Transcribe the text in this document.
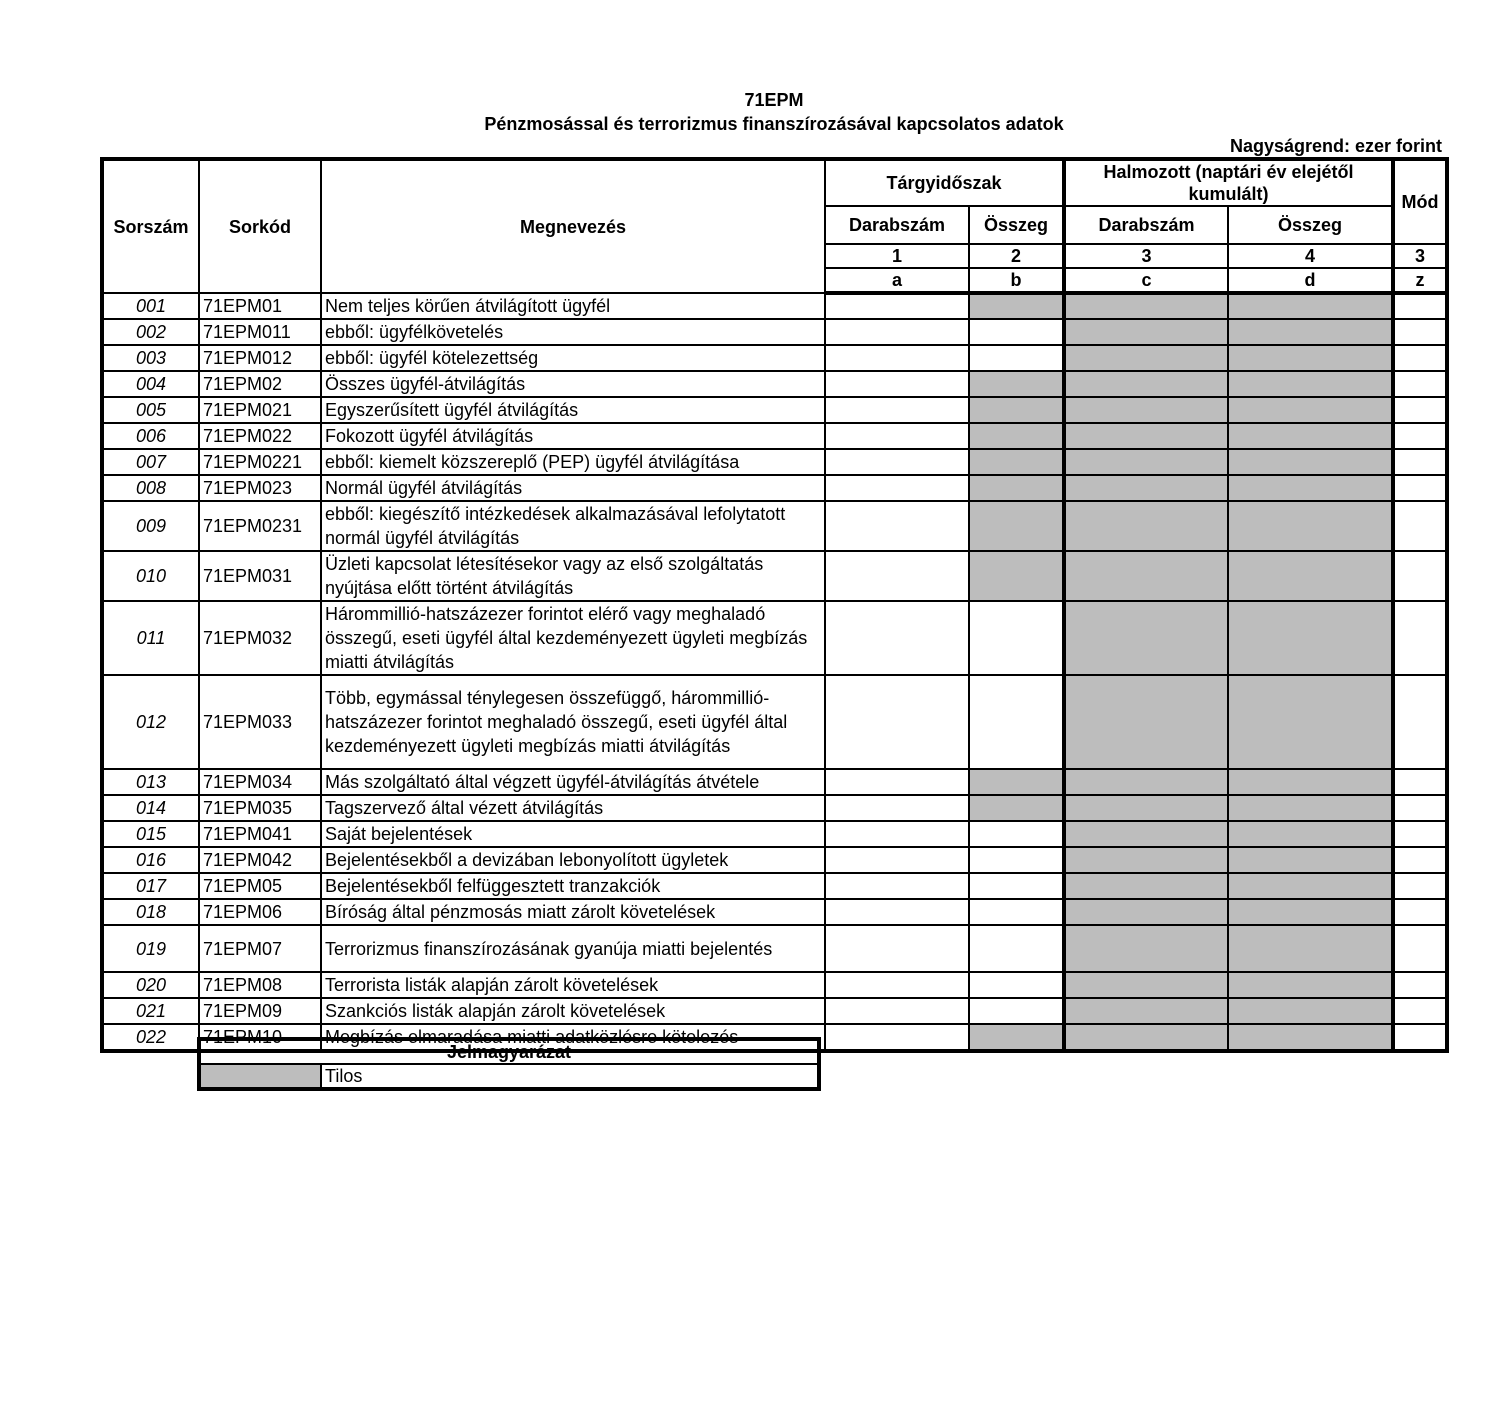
71EPM
Pénzmosással és terrorizmus finanszírozásával kapcsolatos adatok
Nagyságrend: ezer forint
Sorszám	Sorkód	Megnevezés	Tárgyidőszak		Halmozott (naptári év elejétől kumulált)		Mód
			Darabszám	Összeg	Darabszám	Összeg	
			1	2	3	4	3
			a	b	c	d	z
001	71EPM01	Nem teljes körűen átvilágított ügyfél					
002	71EPM011	ebből: ügyfélkövetelés					
003	71EPM012	ebből: ügyfél kötelezettség					
004	71EPM02	Összes ügyfél-átvilágítás					
005	71EPM021	Egyszerűsített ügyfél átvilágítás					
006	71EPM022	Fokozott ügyfél átvilágítás					
007	71EPM0221	ebből: kiemelt közszereplő (PEP) ügyfél átvilágítása					
008	71EPM023	Normál ügyfél átvilágítás					
009	71EPM0231	ebből: kiegészítő intézkedések alkalmazásával lefolytatott normál ügyfél átvilágítás					
010	71EPM031	Üzleti kapcsolat létesítésekor vagy az első szolgáltatás nyújtása előtt történt átvilágítás					
011	71EPM032	Hárommillió-hatszázezer forintot elérő vagy meghaladó összegű, eseti ügyfél által kezdeményezett ügyleti megbízás miatti átvilágítás					
012	71EPM033	Több, egymással ténylegesen összefüggő, hárommillió-hatszázezer forintot meghaladó összegű, eseti ügyfél által kezdeményezett ügyleti megbízás miatti átvilágítás					
013	71EPM034	Más szolgáltató által végzett ügyfél-átvilágítás átvétele					
014	71EPM035	Tagszervező által vézett átvilágítás					
015	71EPM041	Saját bejelentések					
016	71EPM042	Bejelentésekből a devizában lebonyolított ügyletek					
017	71EPM05	Bejelentésekből felfüggesztett tranzakciók					
018	71EPM06	Bíróság által pénzmosás miatt zárolt követelések					
019	71EPM07	Terrorizmus finanszírozásának gyanúja miatti bejelentés					
020	71EPM08	Terrorista listák alapján zárolt követelések					
021	71EPM09	Szankciós listák alapján zárolt követelések					
022	71EPM10	Megbízás elmaradása miatti adatközlésre kötelezés					
Jelmagyarázat
	Tilos
